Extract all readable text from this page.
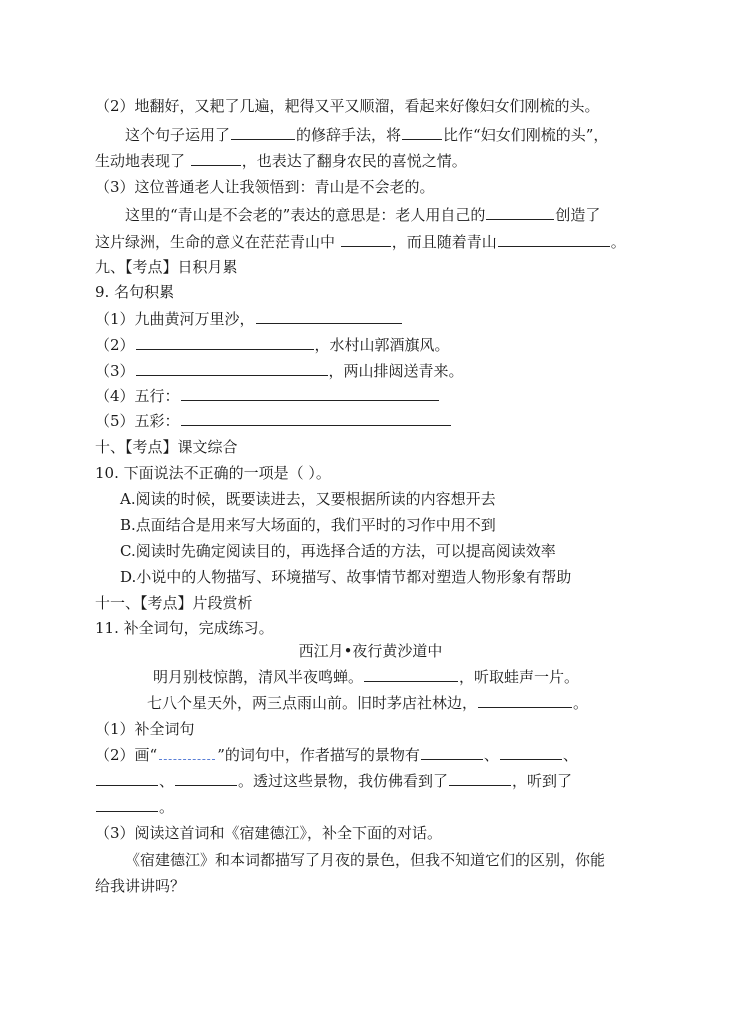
（2）地翻好，又耙了几遍，耙得又平又顺溜，看起来好像妇女们刚梳的头。
这个句子运用了	的修辞手法，将	比作“妇女们刚梳的头”，
生动地表现了	，也表达了翻身农民的喜悦之情。
（3）这位普通老人让我领悟到：青山是不会老的。
这里的“青山是不会老的”表达的意思是：老人用自己的	创造了
这片绿洲，生命的意义在茫茫青山中	，而且随着青山	。
九、【考点】日积月累
9. 名句积累
（1）九曲黄河万里沙，
（2）	，水村山郭酒旗风。
（3）	，两山排闼送青来。
（4）五行：
（5）五彩：
十、【考点】课文综合
10. 下面说法不正确的一项是（ ）。
A.阅读的时候，既要读进去，又要根据所读的内容想开去
B.点面结合是用来写大场面的，我们平时的习作中用不到
C.阅读时先确定阅读目的，再选择合适的方法，可以提高阅读效率
D.小说中的人物描写、环境描写、故事情节都对塑造人物形象有帮助
十一、【考点】片段赏析
11. 补全词句，完成练习。
西江月•夜行黄沙道中
明月别枝惊鹊，清风半夜鸣蝉。	，听取蛙声一片。
七八个星天外，两三点雨山前。旧时茅店社林边，	。
（1）补全词句
（2）画“	”的词句中，作者描写的景物有	、	、
、	。透过这些景物，我仿佛看到了	，听到了
。
（3）阅读这首词和《宿建德江》，补全下面的对话。
《宿建德江》和本词都描写了月夜的景色，但我不知道它们的区别，你能
给我讲讲吗？
